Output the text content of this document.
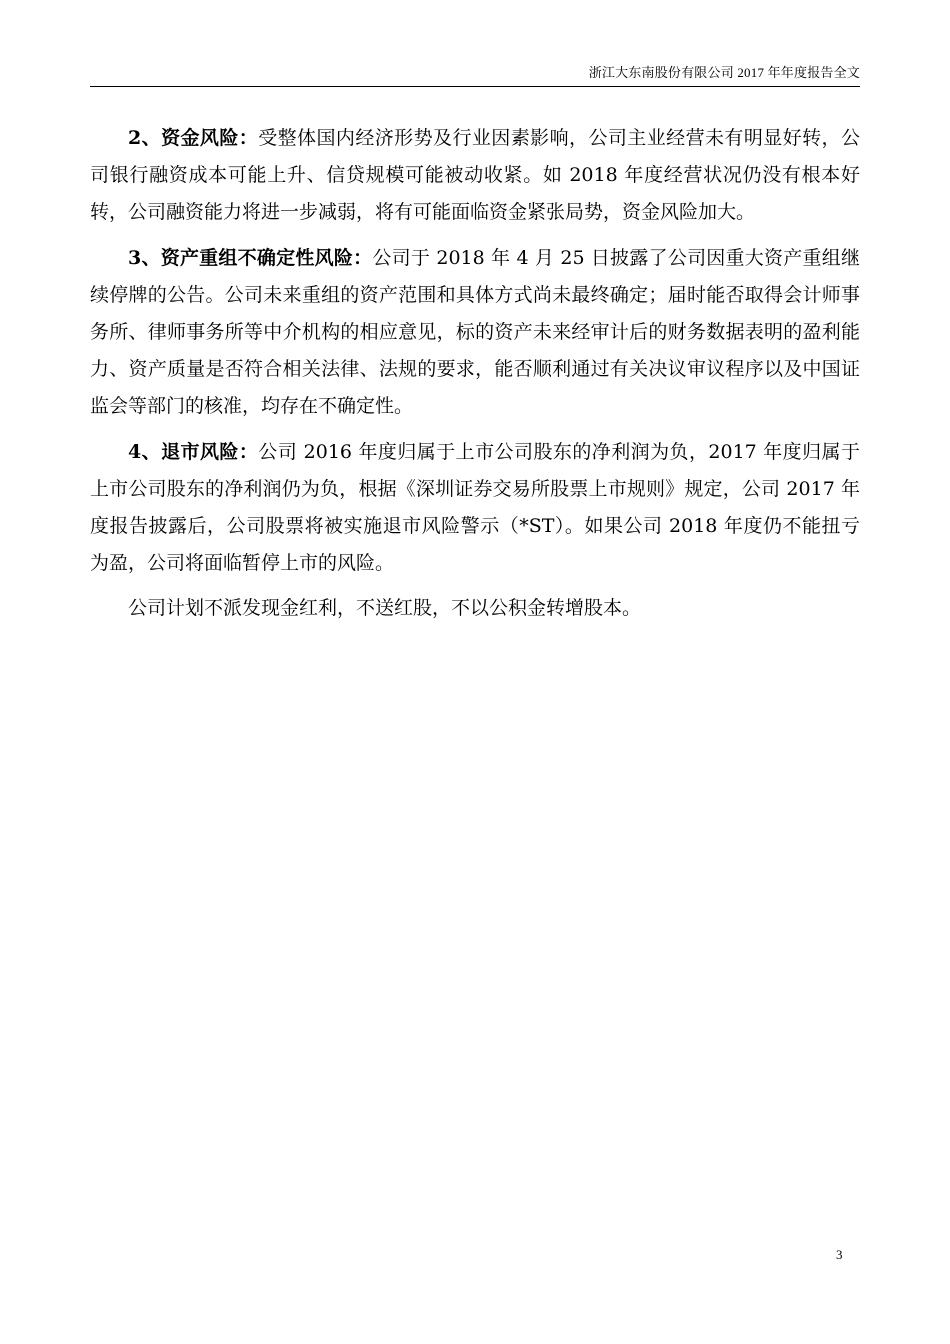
浙江大东南股份有限公司 2017 年年度报告全文

2、资金风险：受整体国内经济形势及行业因素影响，公司主业经营未有明显好转，公司银行融资成本可能上升、信贷规模可能被动收紧。如 2018 年度经营状况仍没有根本好转，公司融资能力将进一步减弱，将有可能面临资金紧张局势，资金风险加大。

3、资产重组不确定性风险：公司于 2018 年 4 月 25 日披露了公司因重大资产重组继续停牌的公告。公司未来重组的资产范围和具体方式尚未最终确定；届时能否取得会计师事务所、律师事务所等中介机构的相应意见，标的资产未来经审计后的财务数据表明的盈利能力、资产质量是否符合相关法律、法规的要求，能否顺利通过有关决议审议程序以及中国证监会等部门的核准，均存在不确定性。

4、退市风险：公司 2016 年度归属于上市公司股东的净利润为负，2017 年度归属于上市公司股东的净利润仍为负，根据《深圳证券交易所股票上市规则》规定，公司 2017 年度报告披露后，公司股票将被实施退市风险警示（*ST）。如果公司 2018 年度仍不能扭亏为盈，公司将面临暂停上市的风险。

公司计划不派发现金红利，不送红股，不以公积金转增股本。

3
